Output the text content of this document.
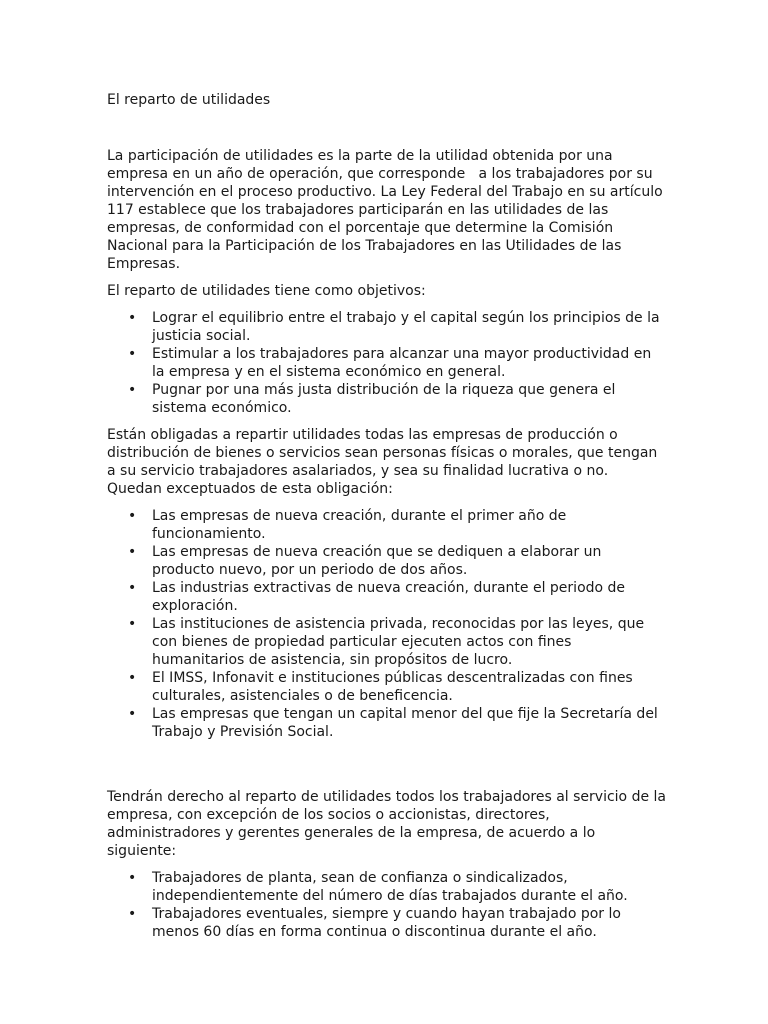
El reparto de utilidades

La participación de utilidades es la parte de la utilidad obtenida por una empresa en un año de operación, que corresponde   a los trabajadores por su intervención en el proceso productivo. La Ley Federal del Trabajo en su artículo 117 establece que los trabajadores participarán en las utilidades de las empresas, de conformidad con el porcentaje que determine la Comisión Nacional para la Participación de los Trabajadores en las Utilidades de las Empresas.

El reparto de utilidades tiene como objetivos:

• Lograr el equilibrio entre el trabajo y el capital según los principios de la justicia social.
• Estimular a los trabajadores para alcanzar una mayor productividad en la empresa y en el sistema económico en general.
• Pugnar por una más justa distribución de la riqueza que genera el sistema económico.

Están obligadas a repartir utilidades todas las empresas de producción o distribución de bienes o servicios sean personas físicas o morales, que tengan a su servicio trabajadores asalariados, y sea su finalidad lucrativa o no. Quedan exceptuados de esta obligación:

• Las empresas de nueva creación, durante el primer año de funcionamiento.
• Las empresas de nueva creación que se dediquen a elaborar un producto nuevo, por un periodo de dos años.
• Las industrias extractivas de nueva creación, durante el periodo de exploración.
• Las instituciones de asistencia privada, reconocidas por las leyes, que con bienes de propiedad particular ejecuten actos con fines humanitarios de asistencia, sin propósitos de lucro.
• El IMSS, Infonavit e instituciones públicas descentralizadas con fines culturales, asistenciales o de beneficencia.
• Las empresas que tengan un capital menor del que fije la Secretaría del Trabajo y Previsión Social.

Tendrán derecho al reparto de utilidades todos los trabajadores al servicio de la empresa, con excepción de los socios o accionistas, directores, administradores y gerentes generales de la empresa, de acuerdo a lo siguiente:

• Trabajadores de planta, sean de confianza o sindicalizados, independientemente del número de días trabajados durante el año.
• Trabajadores eventuales, siempre y cuando hayan trabajado por lo menos 60 días en forma continua o discontinua durante el año.
